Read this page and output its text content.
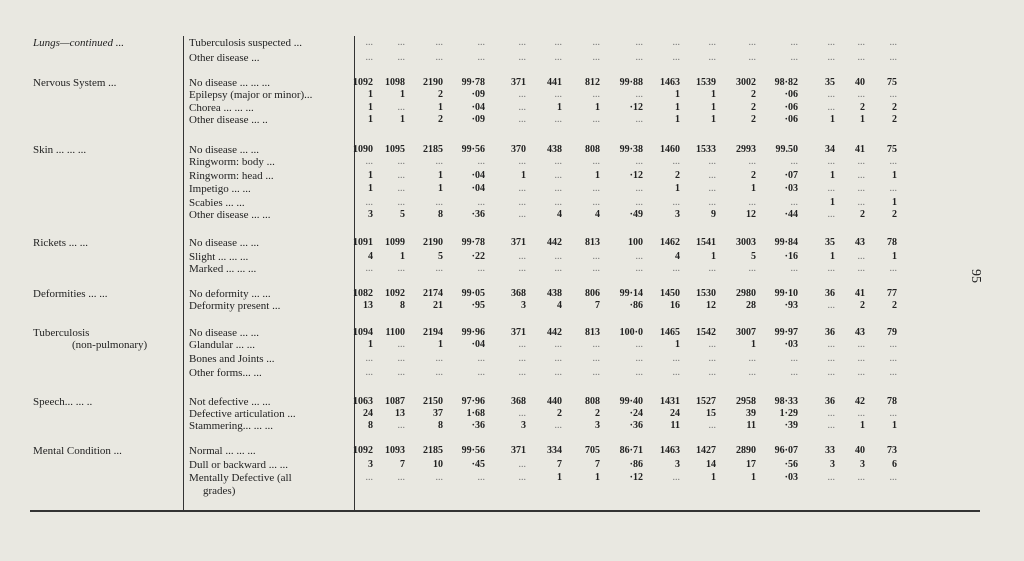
Lungs—continued ...	Tuberculosis suspected ...	...	...	...	...	...	...	...	...	...	...	...	...	...	...	...
Other disease ...	...	...	...	...	...	...	...	...	...	...	...	...	...	...	...
Nervous System ...	No disease ... ... ...	1092	1098	2190	99·78	371	441	812	99·88	1463	1539	3002	98·82	35	40	75
Epilepsy (major or minor)...	1	1	2	·09	...	...	...	...	1	1	2	·06	...	...	...
Chorea ... ... ...	1	...	1	·04	...	1	1	·12	1	1	2	·06	...	2	2
Other disease ... ..	1	1	2	·09	...	...	...	...	1	1	2	·06	1	1	2
Skin ... ... ...	No disease ... ...	1090	1095	2185	99·56	370	438	808	99·38	1460	1533	2993	99.50	34	41	75
Ringworm: body ...	...	...	...	...	...	...	...	...	...	...	...	...	...	...	...
Ringworm: head ...	1	...	1	·04	1	...	1	·12	2	...	2	·07	1	...	1
Impetigo ... ...	1	...	1	·04	...	...	...	...	1	...	1	·03	...	...	...
Scabies ... ...	...	...	...	...	...	...	...	...	...	...	...	...	1	...	1
Other disease ... ...	3	5	8	·36	...	4	4	·49	3	9	12	·44	...	2	2
Rickets ... ...	No disease ... ...	1091	1099	2190	99·78	371	442	813	100	1462	1541	3003	99·84	35	43	78
Slight ... ... ...	4	1	5	·22	...	...	...	...	4	1	5	·16	1	...	1
Marked ... ... ...	...	...	...	...	...	...	...	...	...	...	...	...	...	...	...
Deformities ... ...	No deformity ... ...	1082	1092	2174	99·05	368	438	806	99·14	1450	1530	2980	99·10	36	41	77
Deformity present ...	13	8	21	·95	3	4	7	·86	16	12	28	·93	...	2	2
Tuberculosis	No disease ... ...	1094	1100	2194	99·96	371	442	813	100·0	1465	1542	3007	99·97	36	43	79
(non-pulmonary)	Glandular ... ...	1	...	1	·04	...	...	...	...	1	...	1	·03	...	...	...
Bones and Joints ...	...	...	...	...	...	...	...	...	...	...	...	...	...	...	...
Other forms... ...	...	...	...	...	...	...	...	...	...	...	...	...	...	...	...
Speech... ... ..	Not defective ... ...	1063	1087	2150	97·96	368	440	808	99·40	1431	1527	2958	98·33	36	42	78
Defective articulation ...	24	13	37	1·68	...	2	2	·24	24	15	39	1·29	...	...	...
Stammering... ... ...	8	...	8	·36	3	...	3	·36	11	...	11	·39	...	1	1
Mental Condition ...	Normal ... ... ...	1092	1093	2185	99·56	371	334	705	86·71	1463	1427	2890	96·07	33	40	73
Dull or backward ... ...	3	7	10	·45	...	7	7	·86	3	14	17	·56	3	3	6
Mentally Defective (all
grades)
...	...	...	...	...	1	1	·12	...	1	1	·03	...	...	...
95
